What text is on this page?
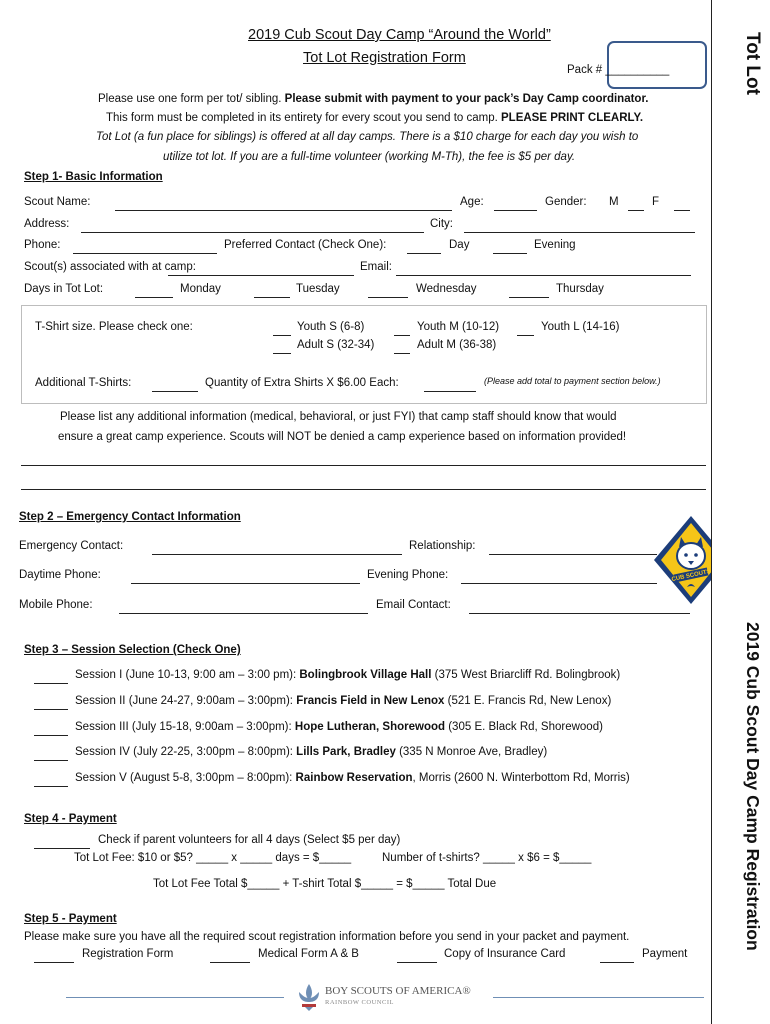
2019 Cub Scout Day Camp “Around the World”
Tot Lot Registration Form
Pack # __________
Please use one form per tot/ sibling. Please submit with payment to your pack’s Day Camp coordinator.
This form must be completed in its entirety for every scout you send to camp. PLEASE PRINT CLEARLY.
Tot Lot (a fun place for siblings) is offered at all day camps. There is a $10 charge for each day you wish to
utilize tot lot. If you are a full-time volunteer (working M-Th), the fee is $5 per day.
Step 1- Basic Information
Scout Name:	Age:	Gender: M	F
Address:	City:
Phone:	Preferred Contact (Check One):	Day	Evening
Scout(s) associated with at camp:	Email:
Days in Tot Lot:	Monday	Tuesday	Wednesday	Thursday
T-Shirt size. Please check one:	Youth S (6-8)	Youth M (10-12)	Youth L (14-16)
Adult S (32-34)	Adult M (36-38)
Additional T-Shirts:	Quantity of Extra Shirts X $6.00 Each:	(Please add total to payment section below.)
Please list any additional information (medical, behavioral, or just FYI) that camp staff should know that would
ensure a great camp experience. Scouts will NOT be denied a camp experience based on information provided!
Step 2 – Emergency Contact Information
Emergency Contact:	Relationship:
Daytime Phone:	Evening Phone:
Mobile Phone:	Email Contact:
CUB SCOUTS
Step 3 – Session Selection (Check One)
Session I (June 10-13, 9:00 am – 3:00 pm): Bolingbrook Village Hall (375 West Briarcliff Rd. Bolingbrook)
Session II (June 24-27, 9:00am – 3:00pm): Francis Field in New Lenox (521 E. Francis Rd, New Lenox)
Session III (July 15-18, 9:00am – 3:00pm): Hope Lutheran, Shorewood (305 E. Black Rd, Shorewood)
Session IV (July 22-25, 3:00pm – 8:00pm): Lills Park, Bradley (335 N Monroe Ave, Bradley)
Session V (August 5-8, 3:00pm – 8:00pm): Rainbow Reservation, Morris (2600 N. Winterbottom Rd, Morris)
Step 4 - Payment
Check if parent volunteers for all 4 days (Select $5 per day)
Tot Lot Fee: $10 or $5? _____ x _____ days = $_____	Number of t-shirts? _____ x $6 = $_____
Tot Lot Fee Total $_____ + T-shirt Total $_____ = $_____ Total Due
Step 5 - Payment
Please make sure you have all the required scout registration information before you send in your packet and payment.
Registration Form	Medical Form A & B	Copy of Insurance Card	Payment
BOY SCOUTS OF AMERICA®
RAINBOW COUNCIL
Tot Lot
2019 Cub Scout Day Camp Registration
